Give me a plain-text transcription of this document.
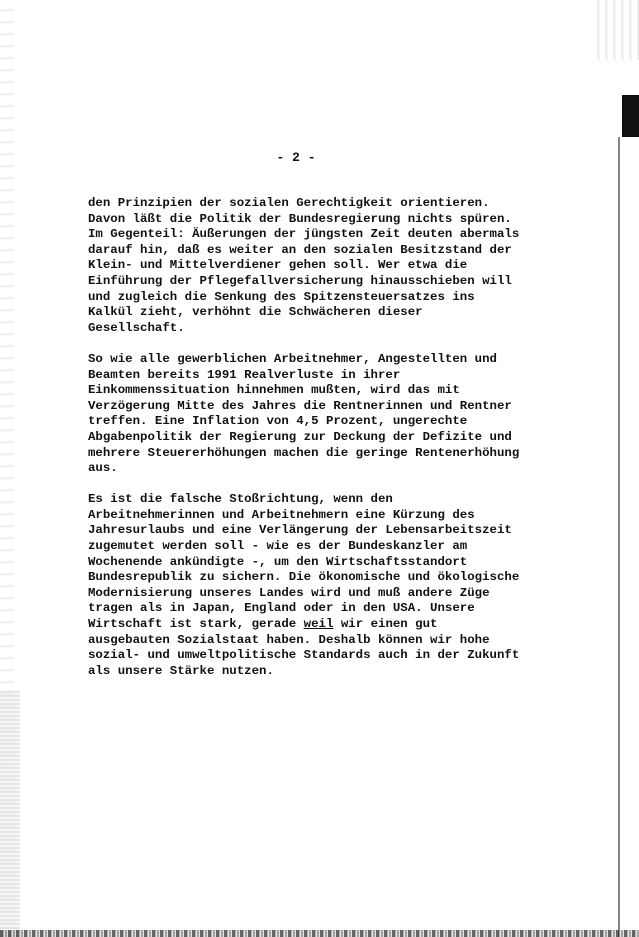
- 2 -
den Prinzipien der sozialen Gerechtigkeit orientieren.
Davon läßt die Politik der Bundesregierung nichts spüren.
Im Gegenteil: Äußerungen der jüngsten Zeit deuten abermals
darauf hin, daß es weiter an den sozialen Besitzstand der
Klein- und Mittelverdiener gehen soll. Wer etwa die
Einführung der Pflegefallversicherung hinausschieben will
und zugleich die Senkung des Spitzensteuersatzes ins
Kalkül zieht, verhöhnt die Schwächeren dieser
Gesellschaft.
So wie alle gewerblichen Arbeitnehmer, Angestellten und
Beamten bereits 1991 Realverluste in ihrer
Einkommenssituation hinnehmen mußten, wird das mit
Verzögerung Mitte des Jahres die Rentnerinnen und Rentner
treffen. Eine Inflation von 4,5 Prozent, ungerechte
Abgabenpolitik der Regierung zur Deckung der Defizite und
mehrere Steuererhöhungen machen die geringe Rentenerhöhung
aus.
Es ist die falsche Stoßrichtung, wenn den
Arbeitnehmerinnen und Arbeitnehmern eine Kürzung des
Jahresurlaubs und eine Verlängerung der Lebensarbeitszeit
zugemutet werden soll - wie es der Bundeskanzler am
Wochenende ankündigte -, um den Wirtschaftsstandort
Bundesrepublik zu sichern. Die ökonomische und ökologische
Modernisierung unseres Landes wird und muß andere Züge
tragen als in Japan, England oder in den USA. Unsere
Wirtschaft ist stark, gerade weil wir einen gut
ausgebauten Sozialstaat haben. Deshalb können wir hohe
sozial- und umweltpolitische Standards auch in der Zukunft
als unsere Stärke nutzen.
